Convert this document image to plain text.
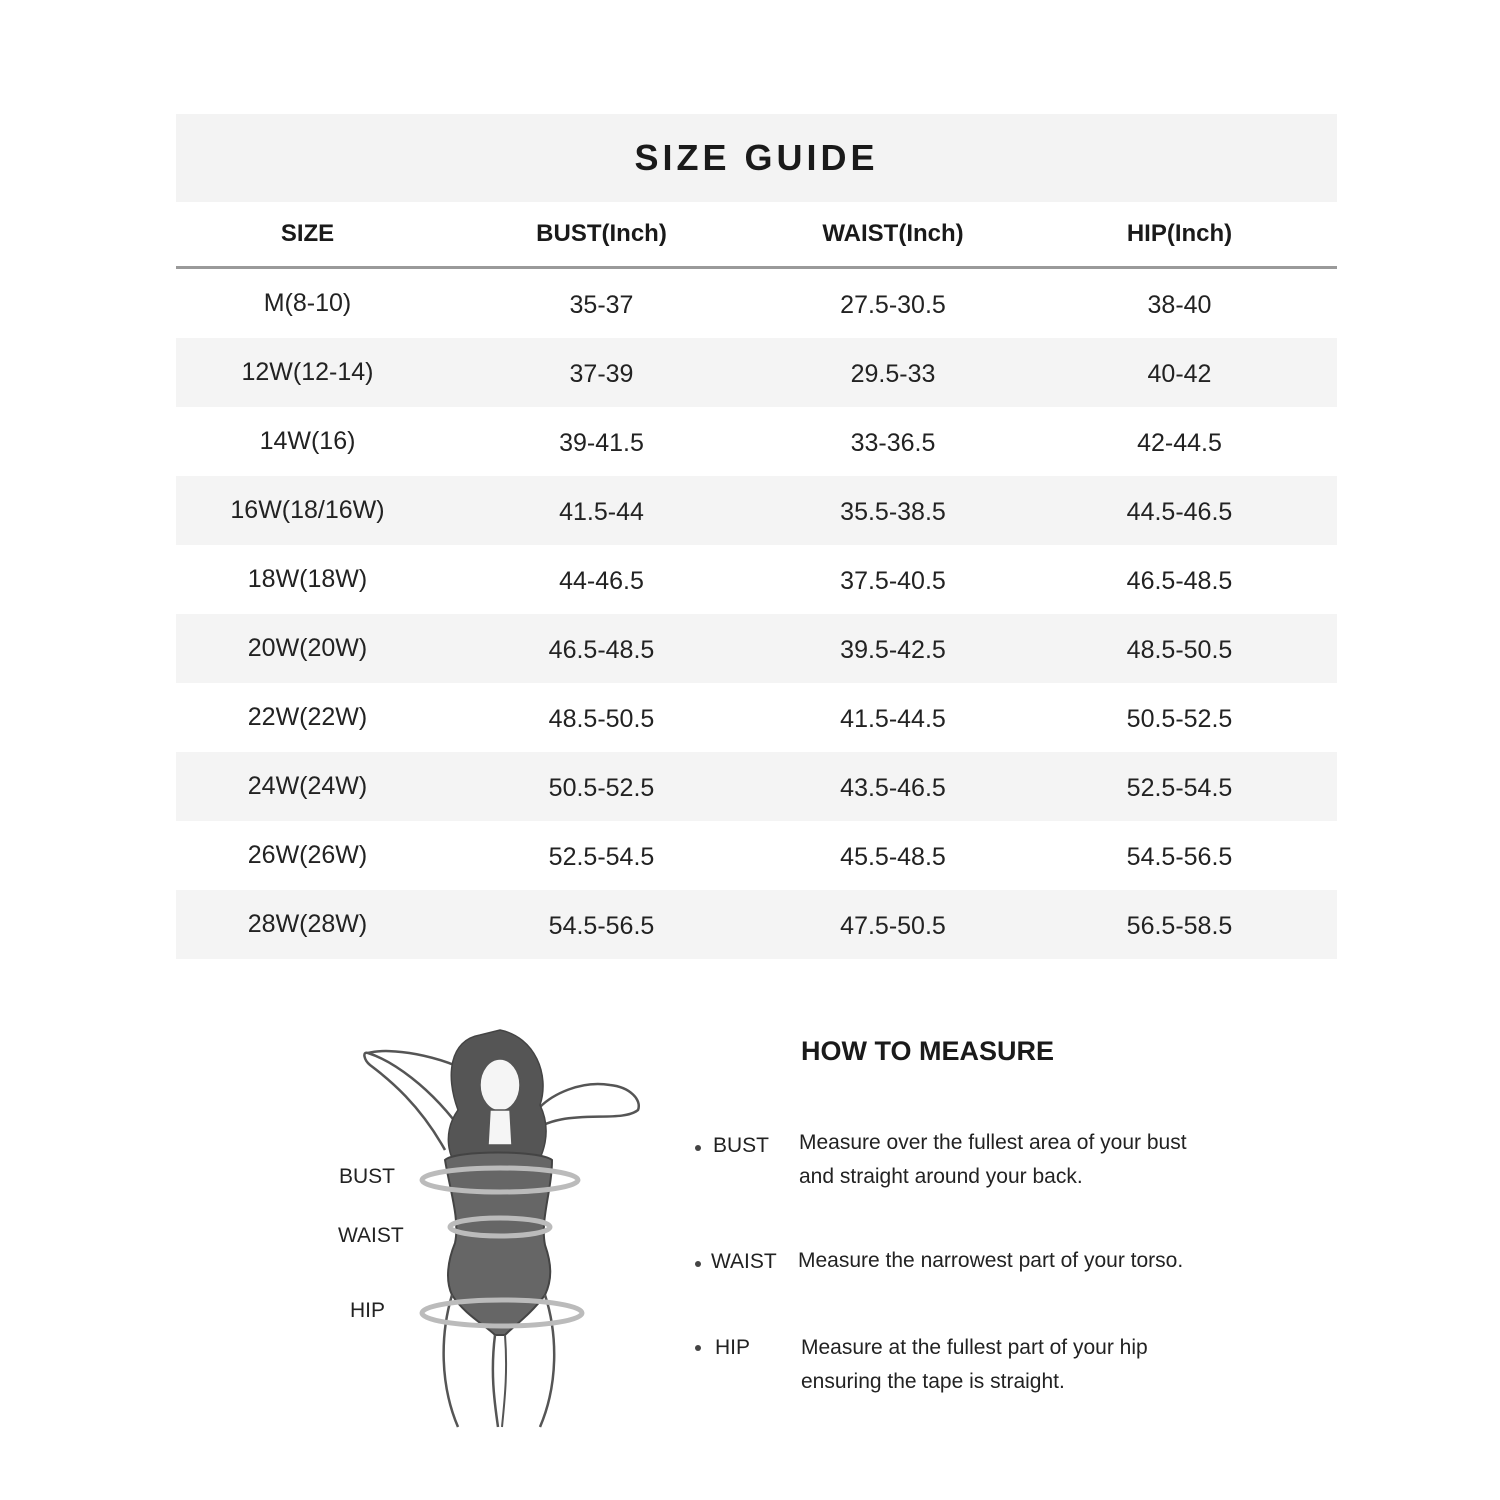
SIZE GUIDE
SIZE	BUST(Inch)	WAIST(Inch)	HIP(Inch)
M(8-10)	35-37	27.5-30.5	38-40
12W(12-14)	37-39	29.5-33	40-42
14W(16)	39-41.5	33-36.5	42-44.5
16W(18/16W)	41.5-44	35.5-38.5	44.5-46.5
18W(18W)	44-46.5	37.5-40.5	46.5-48.5
20W(20W)	46.5-48.5	39.5-42.5	48.5-50.5
22W(22W)	48.5-50.5	41.5-44.5	50.5-52.5
24W(24W)	50.5-52.5	43.5-46.5	52.5-54.5
26W(26W)	52.5-54.5	45.5-48.5	54.5-56.5
28W(28W)	54.5-56.5	47.5-50.5	56.5-58.5
BUST
WAIST
HIP
HOW TO MEASURE
BUST Measure over the fullest area of your bust
and straight around your back.
WAIST Measure the narrowest part of your torso.
HIP Measure at the fullest part of your hip
ensuring the tape is straight.
